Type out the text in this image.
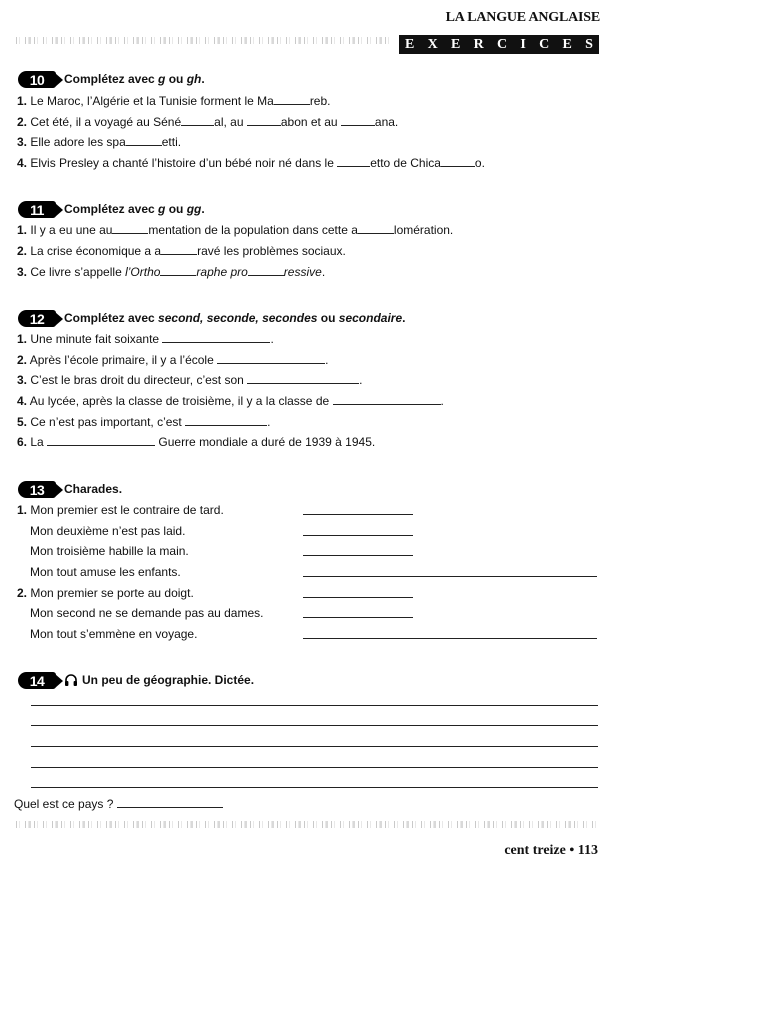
LA LANGUE ANGLAISE
E X E R C I C E S
10	Complétez avec g ou gh.
1. Le Maroc, l’Algérie et la Tunisie forment le Ma	reb.
2. Cet été, il a voyagé au Séné	al, au	abon et au	ana.
3. Elle adore les spa	etti.
4. Elvis Presley a chanté l’histoire d’un bébé noir né dans le	etto de Chica	o.
11	Complétez avec g ou gg.
1. Il y a eu une au	mentation de la population dans cette a	lomération.
2. La crise économique a a	ravé les problèmes sociaux.
3. Ce livre s’appelle l’Ortho	raphe pro	ressive.
12	Complétez avec second, seconde, secondes ou secondaire.
1. Une minute fait soixante	.
2. Après l’école primaire, il y a l’école	.
3. C’est le bras droit du directeur, c’est son	.
4. Au lycée, après la classe de troisième, il y a la classe de	.
5. Ce n’est pas important, c’est	.
6. La	Guerre mondiale a duré de 1939 à 1945.
13	Charades.
1. Mon premier est le contraire de tard.
Mon deuxième n’est pas laid.
Mon troisième habille la main.
Mon tout amuse les enfants.
2. Mon premier se porte au doigt.
Mon second ne se demande pas au dames.
Mon tout s’emmène en voyage.
14	Un peu de géographie. Dictée.
Quel est ce pays ?
cent treize • 113
